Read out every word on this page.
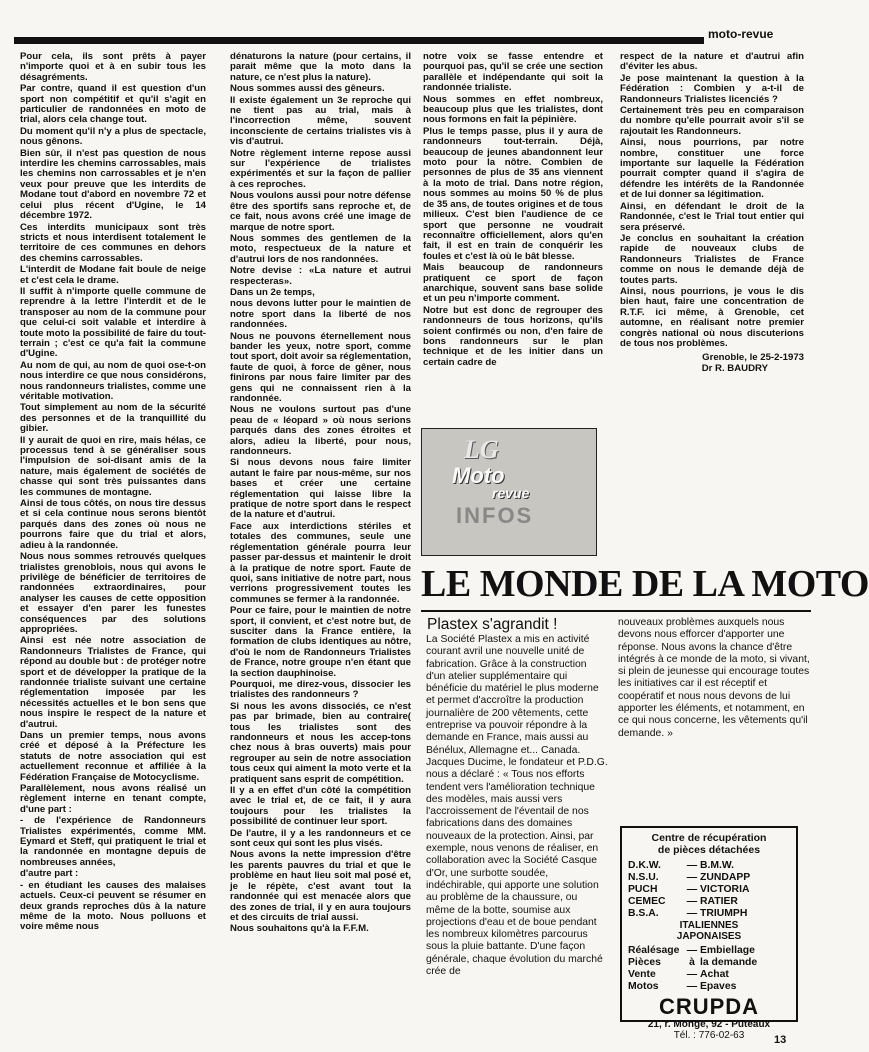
moto-revue

Pour cela, ils sont prêts à payer n'importe quoi et à en subir tous les désagréments.

Par contre, quand il est question d'un sport non compétitif et qu'il s'agit en particulier de randonnées en moto de trial, alors cela change tout.

Du moment qu'il n'y a plus de spectacle, nous gênons.

Bien sûr, il n'est pas question de nous interdire les chemins carrossables, mais les chemins non carrossables et je n'en veux pour preuve que les interdits de Modane tout d'abord en novembre 72 et celui plus récent d'Ugine, le 14 décembre 1972.

Ces interdits municipaux sont très stricts et nous interdisent totalement le territoire de ces communes en dehors des chemins carrossables.

L'interdit de Modane fait boule de neige et c'est cela le drame.

Il suffit à n'importe quelle commune de reprendre à la lettre l'interdit et de le transposer au nom de la commune pour que celui-ci soit valable et interdire à toute moto la possibilité de faire du tout-terrain ; c'est ce qu'a fait la commune d'Ugine.

Au nom de qui, au nom de quoi ose-t-on nous interdire ce que nous considérons, nous randonneurs trialistes, comme une véritable motivation.

Tout simplement au nom de la sécurité des personnes et de la tranquillité du gibier.

Il y aurait de quoi en rire, mais hélas, ce processus tend à se généraliser sous l'impulsion de soi-disant amis de la nature, mais également de sociétés de chasse qui sont très puissantes dans les communes de montagne.

Ainsi de tous côtés, on nous tire dessus et si cela continue nous serons bientôt parqués dans des zones où nous ne pourrons faire que du trial et alors, adieu à la randonnée.

Nous nous sommes retrouvés quelques trialistes grenoblois, nous qui avons le privilège de bénéficier de territoires de randonnées extraordinaires, pour analyser les causes de cette opposition et essayer d'en parer les funestes conséquences par des solutions appropriées.

Ainsi est née notre association de Randonneurs Trialistes de France, qui répond au double but : de protéger notre sport et de développer la pratique de la randonnée trialiste suivant une certaine réglementation imposée par les nécessités actuelles et le bon sens que nous inspire le respect de la nature et d'autrui.

Dans un premier temps, nous avons créé et déposé à la Préfecture les statuts de notre association qui est actuellement reconnue et affiliée à la Fédération Française de Motocyclisme.

Parallèlement, nous avons réalisé un règlement interne en tenant compte, d'une part :

- de l'expérience de Randonneurs Trialistes expérimentés, comme MM. Eymard et Steff, qui pratiquent le trial et la randonnée en montagne depuis de nombreuses années,

d'autre part :

- en étudiant les causes des malaises actuels. Ceux-ci peuvent se résumer en deux grands reproches dûs à la nature même de la moto. Nous polluons et voire même nous

dénaturons la nature (pour certains, il parait même que la moto dans la nature, ce n'est plus la nature).

Nous sommes aussi des gêneurs.

Il existe également un 3e reproche qui ne tient pas au trial, mais à l'incorrection même, souvent inconsciente de certains trialistes vis à vis d'autrui.

Notre règlement interne repose aussi sur l'expérience de trialistes expérimentés et sur la façon de pallier à ces reproches.

Nous voulons aussi pour notre défense être des sportifs sans reproche et, de ce fait, nous avons créé une image de marque de notre sport.

Nous sommes des gentlemen de la moto, respectueux de la nature et d'autrui lors de nos randonnées.

Notre devise : «La nature et autrui respecteras».

Dans un 2e temps,

nous devons lutter pour le maintien de notre sport dans la liberté de nos randonnées.

Nous ne pouvons éternellement nous bander les yeux, notre sport, comme tout sport, doit avoir sa réglementation, faute de quoi, à force de gêner, nous finirons par nous faire limiter par des gens qui ne connaissent rien à la randonnée.

Nous ne voulons surtout pas d'une peau de « léopard » où nous serions parqués dans des zones étroites et alors, adieu la liberté, pour nous, randonneurs.

Si nous devons nous faire limiter autant le faire par nous-même, sur nos bases et créer une certaine réglementation qui laisse libre la pratique de notre sport dans le respect de la nature et d'autrui.

Face aux interdictions stériles et totales des communes, seule une réglementation générale pourra leur passer par-dessus et maintenir le droit à la pratique de notre sport. Faute de quoi, sans initiative de notre part, nous verrions progressivement toutes les communes se fermer à la randonnée.

Pour ce faire, pour le maintien de notre sport, il convient, et c'est notre but, de susciter dans la France entière, la formation de clubs identiques au nôtre, d'où le nom de Randonneurs Trialistes de France, notre groupe n'en étant que la section dauphinoise.

Pourquoi, me direz-vous, dissocier les trialistes des randonneurs ?

Si nous les avons dissociés, ce n'est pas par brimade, bien au contraire( tous les trialistes sont des randonneurs et nous les accep-tons chez nous à bras ouverts) mais pour regrouper au sein de notre association tous ceux qui aiment la moto verte et la pratiquent sans esprit de compétition.

Il y a en effet d'un côté la compétition avec le trial et, de ce fait, il y aura toujours pour les trialistes la possibilité de continuer leur sport.

De l'autre, il y a les randonneurs et ce sont ceux qui sont les plus visés.

Nous avons la nette impression d'être les parents pauvres du trial et que le problème en haut lieu soit mal posé et, je le répète, c'est avant tout la randonnée qui est menacée alors que des zones de trial, il y en aura toujours et des circuits de trial aussi.

Nous souhaitons qu'à la F.F.M.

notre voix se fasse entendre et pourquoi pas, qu'il se crée une section parallèle et indépendante qui soit la randonnée trialiste.

Nous sommes en effet nombreux, beaucoup plus que les trialistes, dont nous formons en fait la pépinière.

Plus le temps passe, plus il y aura de randonneurs tout-terrain. Déjà, beaucoup de jeunes abandonnent leur moto pour la nôtre. Combien de personnes de plus de 35 ans viennent à la moto de trial. Dans notre région, nous sommes au moins 50 % de plus de 35 ans, de toutes origines et de tous milieux. C'est bien l'audience de ce sport que personne ne voudrait reconnaître officiellement, alors qu'en fait, il est en train de conquérir les foules et c'est là où le bât blesse.

Mais beaucoup de randonneurs pratiquent ce sport de façon anarchique, souvent sans base solide et un peu n'importe comment.

Notre but est donc de regrouper des randonneurs de tous horizons, qu'ils soient confirmés ou non, d'en faire de bons randonneurs sur le plan technique et de les initier dans un certain cadre de

respect de la nature et d'autrui afin d'éviter les abus.

Je pose maintenant la question à la Fédération : Combien y a-t-il de Randonneurs Trialistes licenciés ?

Certainement très peu en comparaison du nombre qu'elle pourrait avoir s'il se rajoutait les Randonneurs.

Ainsi, nous pourrions, par notre nombre, constituer une force importante sur laquelle la Fédération pourrait compter quand il s'agira de défendre les intérêts de la Randonnée et de lui donner sa légitimation.

Ainsi, en défendant le droit de la Randonnée, c'est le Trial tout entier qui sera préservé.

Je conclus en souhaitant la création rapide de nouveaux clubs de Randonneurs Trialistes de France comme on nous le demande déjà de toutes parts.

Ainsi, nous pourrions, je vous le dis bien haut, faire une concentration de R.T.F. ici même, à Grenoble, cet automne, en réalisant notre premier congrès national où nous discuterions de tous nos problèmes.

Grenoble, le 25-2-1973
Dr R. BAUDRY
LG
Moto
revue
INFOS
LE MONDE DE LA MOTO
Plastex s'agrandit !

La Société Plastex a mis en activité courant avril une nouvelle unité de fabrication. Grâce à la construction d'un atelier supplémentaire qui bénéficie du matériel le plus moderne et permet d'accroître la production journalière de 200 vêtements, cette entreprise va pouvoir répondre à la demande en France, mais aussi au Bénélux, Allemagne et... Canada. Jacques Ducime, le fondateur et P.D.G. nous a déclaré : « Tous nos efforts tendent vers l'amélioration technique des modèles, mais aussi vers l'accroissement de l'éventail de nos fabrications dans des domaines nouveaux de la protection. Ainsi, par exemple, nous venons de réaliser, en collaboration avec la Société Casque d'Or, une surbotte soudée, indéchirable, qui apporte une solution au problème de la chaussure, ou même de la botte, soumise aux projections d'eau et de boue pendant les nombreux kilomètres parcourus sous la pluie battante. D'une façon générale, chaque évolution du marché crée de

nouveaux problèmes auxquels nous devons nous efforcer d'apporter une réponse. Nous avons la chance d'être intégrés à ce monde de la moto, si vivant, si plein de jeunesse qui encourage toutes les initiatives car il est réceptif et coopératif et nous nous devons de lui apporter les éléments, et notamment, en ce qui nous concerne, les vêtements qu'il demande. »

Centre de récupération
de pièces détachées
D.K.W.	— B.M.W.
N.S.U.	— ZUNDAPP
PUCH	— VICTORIA
CEMEC	— RATIER
B.S.A.	— TRIUMPH
ITALIENNES
JAPONAISES
Réalésage — Embiellage
Pièces	à la demande
Vente	— Achat
Motos	— Epaves
CRUPDA
21, r. Monge, 92 - Puteaux
Tél. : 776-02-63	13
